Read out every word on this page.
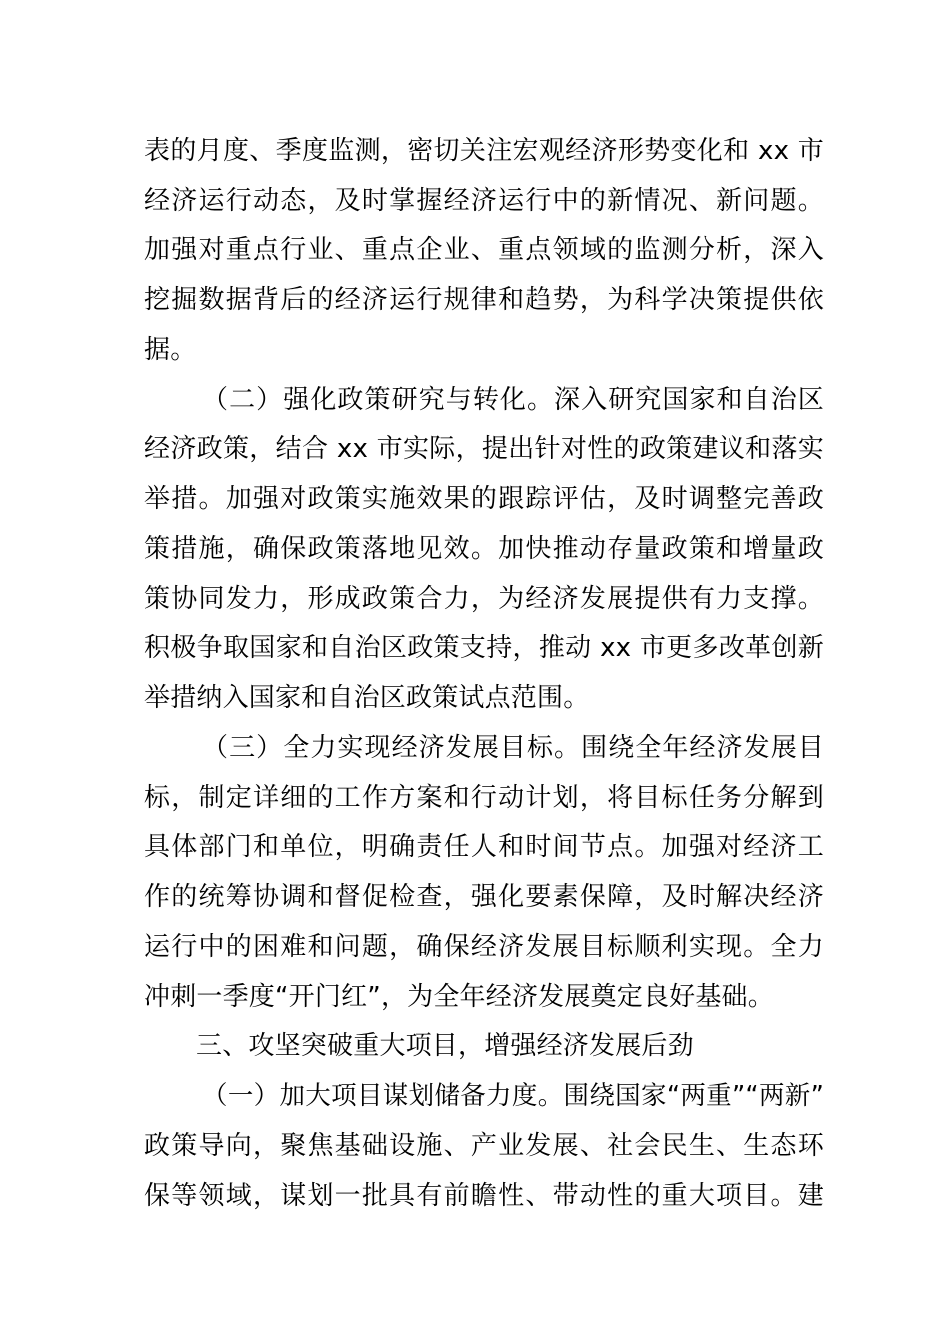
表的月度、季度监测，密切关注宏观经济形势变化和 xx 市
经济运行动态，及时掌握经济运行中的新情况、新问题。
加强对重点行业、重点企业、重点领域的监测分析，深入
挖掘数据背后的经济运行规律和趋势，为科学决策提供依
据。
（二）强化政策研究与转化。深入研究国家和自治区
经济政策，结合 xx 市实际，提出针对性的政策建议和落实
举措。加强对政策实施效果的跟踪评估，及时调整完善政
策措施，确保政策落地见效。加快推动存量政策和增量政
策协同发力，形成政策合力，为经济发展提供有力支撑。
积极争取国家和自治区政策支持，推动 xx 市更多改革创新
举措纳入国家和自治区政策试点范围。
（三）全力实现经济发展目标。围绕全年经济发展目
标，制定详细的工作方案和行动计划，将目标任务分解到
具体部门和单位，明确责任人和时间节点。加强对经济工
作的统筹协调和督促检查，强化要素保障，及时解决经济
运行中的困难和问题，确保经济发展目标顺利实现。全力
冲刺一季度“开门红”，为全年经济发展奠定良好基础。
三、攻坚突破重大项目，增强经济发展后劲
（一）加大项目谋划储备力度。围绕国家“两重”“两新”
政策导向，聚焦基础设施、产业发展、社会民生、生态环
保等领域，谋划一批具有前瞻性、带动性的重大项目。建
